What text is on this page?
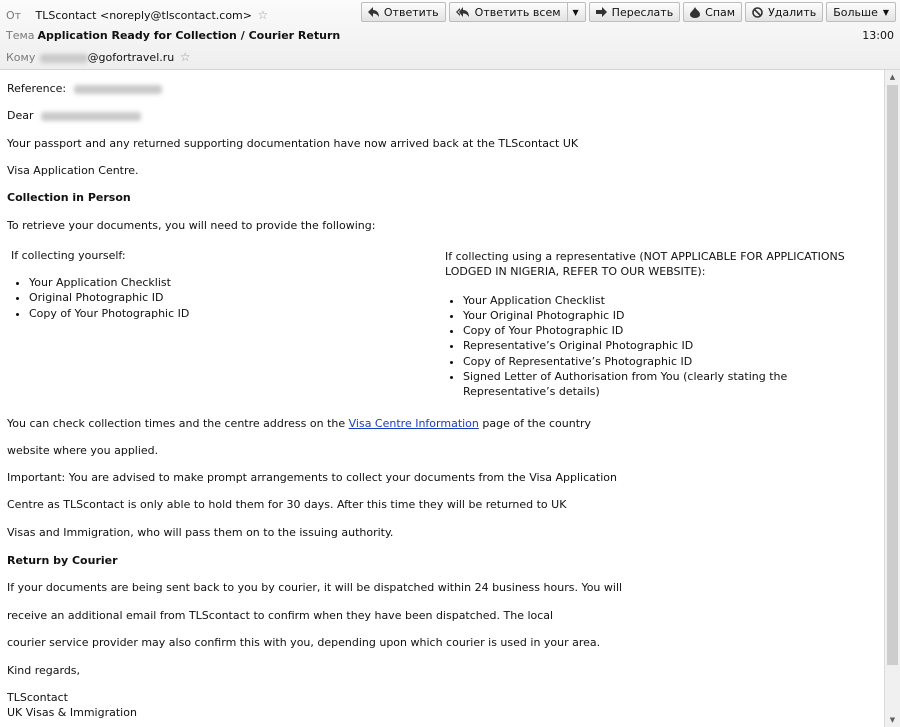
От TLScontact <noreply@tlscontact.com> ☆
Тема Application Ready for Collection / Courier Return
Кому	@gofortravel.ru ☆
13:00
Ответить	Ответить всем	▼	Переслать	Спам	Удалить Больше ▼

Reference:

Dear

Your passport and any returned supporting documentation have now arrived back at the TLScontact UK

Visa Application Centre.

Collection in Person

To retrieve your documents, you will need to provide the following:

If collecting yourself:
• Your Application Checklist
• Original Photographic ID
• Copy of Your Photographic ID
If collecting using a representative (NOT APPLICABLE FOR APPLICATIONS LODGED IN NIGERIA, REFER TO OUR WEBSITE):
• Your Application Checklist
• Your Original Photographic ID
• Copy of Your Photographic ID
• Representative’s Original Photographic ID
• Copy of Representative’s Photographic ID
• Signed Letter of Authorisation from You (clearly stating the Representative’s details)

You can check collection times and the centre address on the Visa Centre Information page of the country

website where you applied.

Important: You are advised to make prompt arrangements to collect your documents from the Visa Application

Centre as TLScontact is only able to hold them for 30 days. After this time they will be returned to UK

Visas and Immigration, who will pass them on to the issuing authority.

Return by Courier

If your documents are being sent back to you by courier, it will be dispatched within 24 business hours. You will

receive an additional email from TLScontact to confirm when they have been dispatched. The local

courier service provider may also confirm this with you, depending upon which courier is used in your area.

Kind regards,

TLScontact

UK Visas & Immigration

▲
▼
